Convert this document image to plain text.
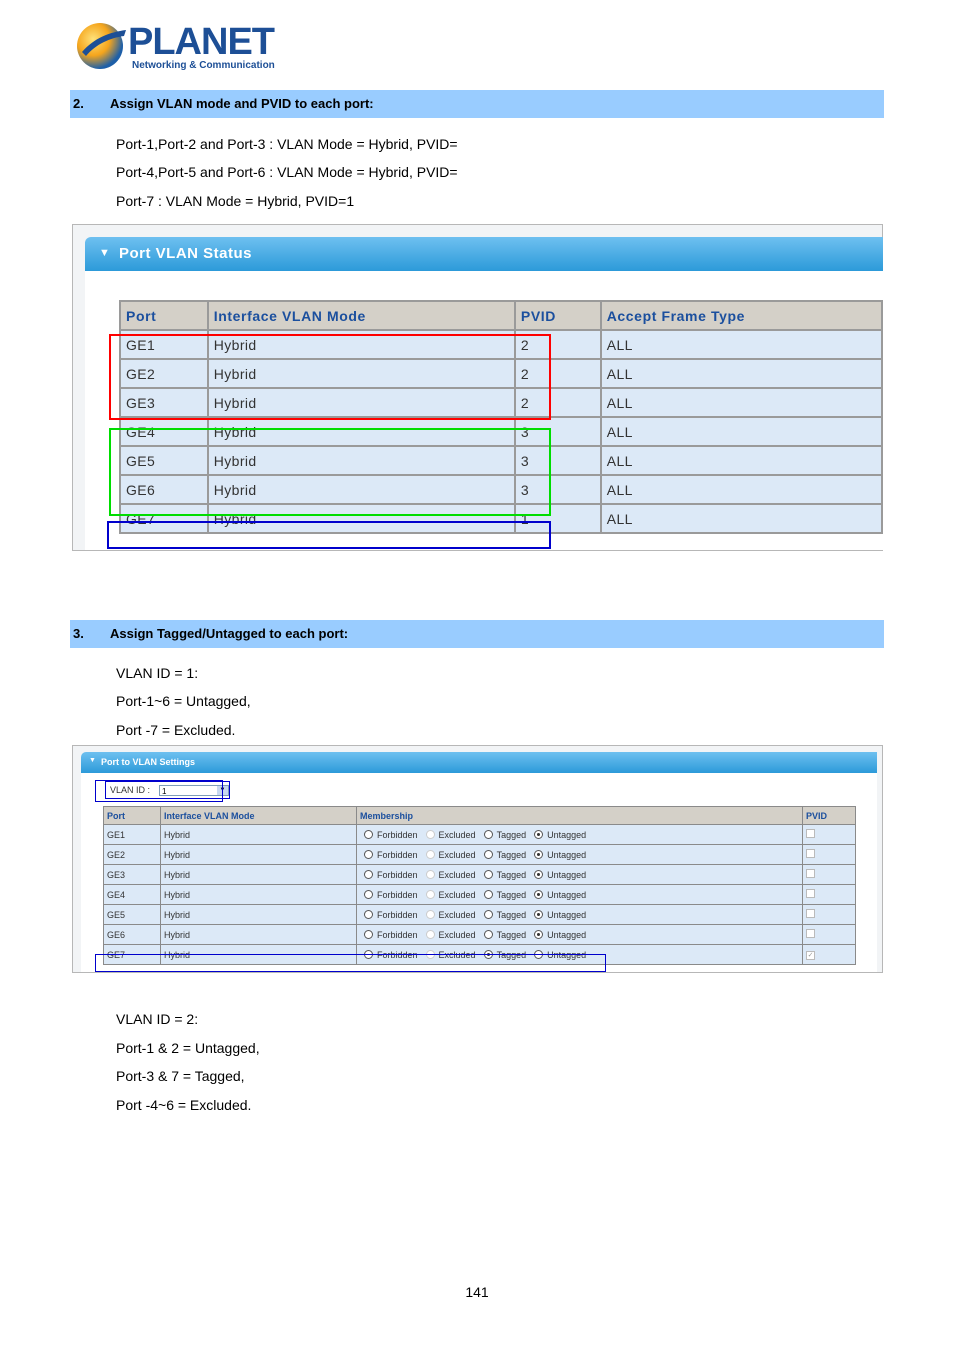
PLANET
Networking & Communication
2. Assign VLAN mode and PVID to each port:
Port-1,Port-2 and Port-3 : VLAN Mode = Hybrid, PVID=
Port-4,Port-5 and Port-6 : VLAN Mode = Hybrid, PVID=
Port-7 : VLAN Mode = Hybrid, PVID=1
▼ Port VLAN Status
Port	Interface VLAN Mode	PVID	Accept Frame Type
GE1	Hybrid	2	ALL
GE2	Hybrid	2	ALL
GE3	Hybrid	2	ALL
GE4	Hybrid	3	ALL
GE5	Hybrid	3	ALL
GE6	Hybrid	3	ALL
GE7	Hybrid	1	ALL
3. Assign Tagged/Untagged to each port:
VLAN ID = 1:
Port-1~6 = Untagged,
Port -7 = Excluded.
▼ Port to VLAN Settings
VLAN ID :	1	▼
Port	Interface VLAN Mode	Membership	PVID
GE1	Hybrid	Forbidden Excluded Tagged Untagged	
GE2	Hybrid	Forbidden Excluded Tagged Untagged	
GE3	Hybrid	Forbidden Excluded Tagged Untagged	
GE4	Hybrid	Forbidden Excluded Tagged Untagged	
GE5	Hybrid	Forbidden Excluded Tagged Untagged	
GE6	Hybrid	Forbidden Excluded Tagged Untagged	
GE7	Hybrid	Forbidden Excluded Tagged Untagged	✓
VLAN ID = 2:
Port-1 & 2 = Untagged,
Port-3 & 7 = Tagged,
Port -4~6 = Excluded.
141
